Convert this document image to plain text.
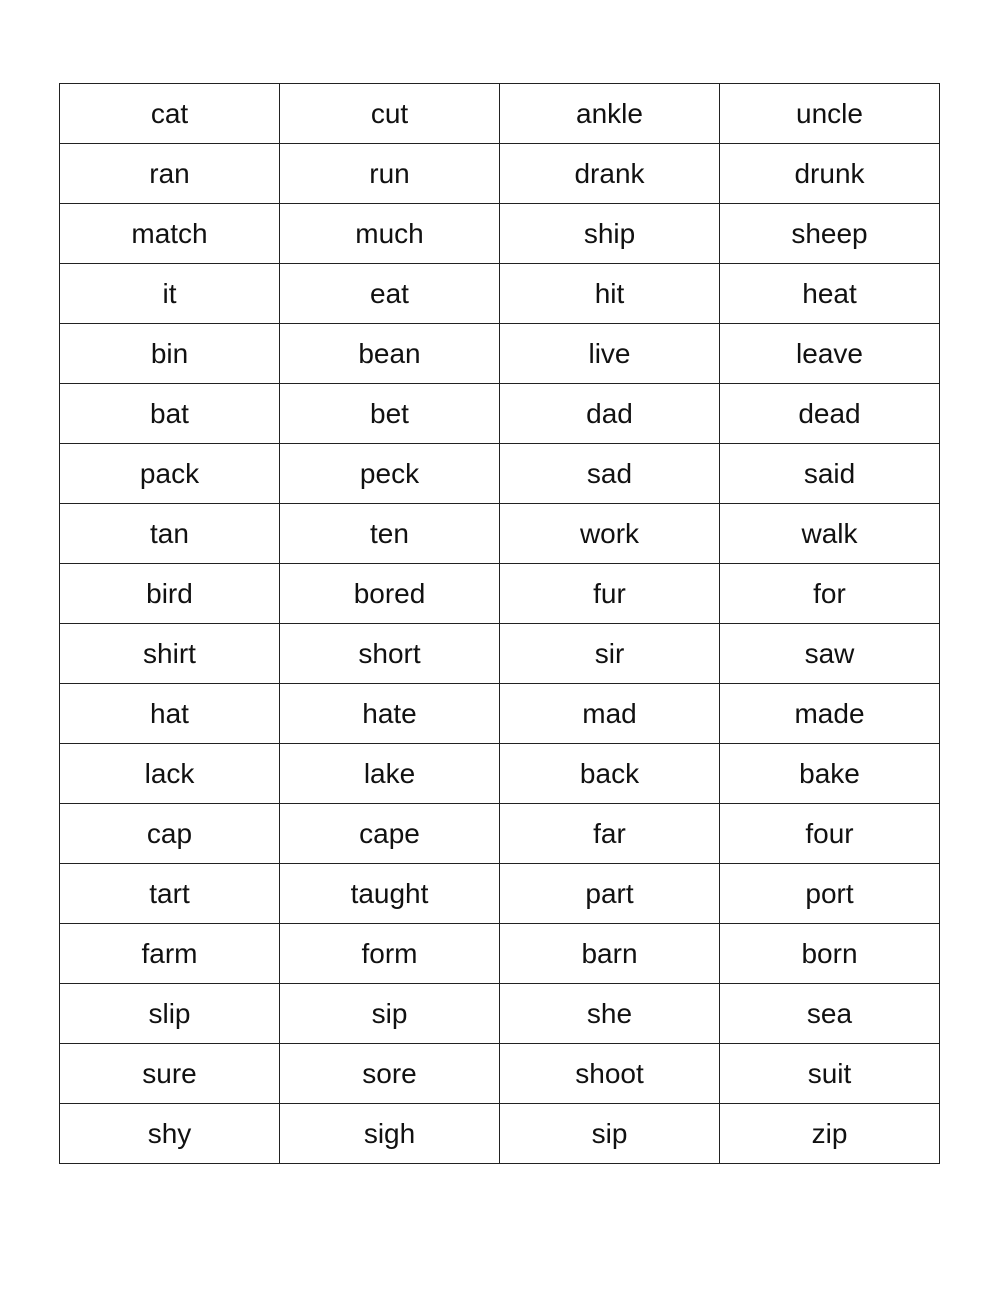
cat	cut	ankle	uncle
ran	run	drank	drunk
match	much	ship	sheep
it	eat	hit	heat
bin	bean	live	leave
bat	bet	dad	dead
pack	peck	sad	said
tan	ten	work	walk
bird	bored	fur	for
shirt	short	sir	saw
hat	hate	mad	made
lack	lake	back	bake
cap	cape	far	four
tart	taught	part	port
farm	form	barn	born
slip	sip	she	sea
sure	sore	shoot	suit
shy	sigh	sip	zip
